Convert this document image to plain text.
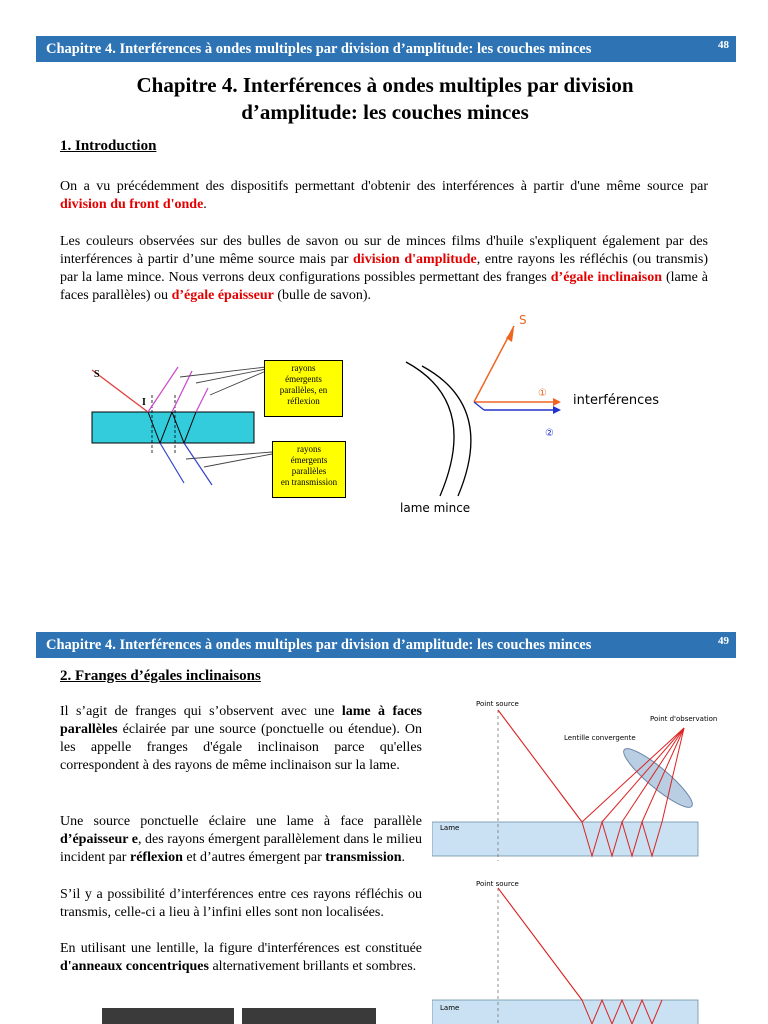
Chapitre 4. Interférences à ondes multiples par division d’amplitude: les couches minces	48
Chapitre 4. Interférences à ondes multiples par division
d’amplitude: les couches minces
1. Introduction
On a vu précédemment des dispositifs permettant d'obtenir des interférences à partir d'une même source par division du front d'onde.
Les couleurs observées sur des bulles de savon ou sur de minces films d'huile s'expliquent également par des interférences à partir d’une même source mais par division d'amplitude, entre rayons les réfléchis (ou transmis) par la lame mince. Nous verrons deux configurations possibles permettant des franges d’égale inclinaison (lame à faces parallèles) ou d’égale épaisseur (bulle de savon).
S
I
rayons
émergents
parallèles, en
réflexion
rayons
émergents
parallèles
en transmission
S
①
②
interférences
lame mince
Chapitre 4. Interférences à ondes multiples par division d’amplitude: les couches minces	49
2. Franges d’égales inclinaisons
Il s’agit de franges qui s’observent avec une lame à faces parallèles éclairée par une source (ponctuelle ou étendue). On les appelle franges d'égale inclinaison parce qu'elles correspondent à des rayons de même inclinaison sur la lame.
Une source ponctuelle éclaire une lame à face parallèle d’épaisseur e, des rayons émergent parallèlement dans le milieu incident par réflexion et d’autres émergent par transmission.
S’il y a possibilité d’interférences entre ces rayons réfléchis ou transmis, celle-ci a lieu à l’infini elles sont non localisées.
En utilisant une lentille, la figure d'interférences est constituée d'anneaux concentriques alternativement brillants et sombres.
Point source
Point d'observation
Lentille convergente
Lame
Point source
Lame
